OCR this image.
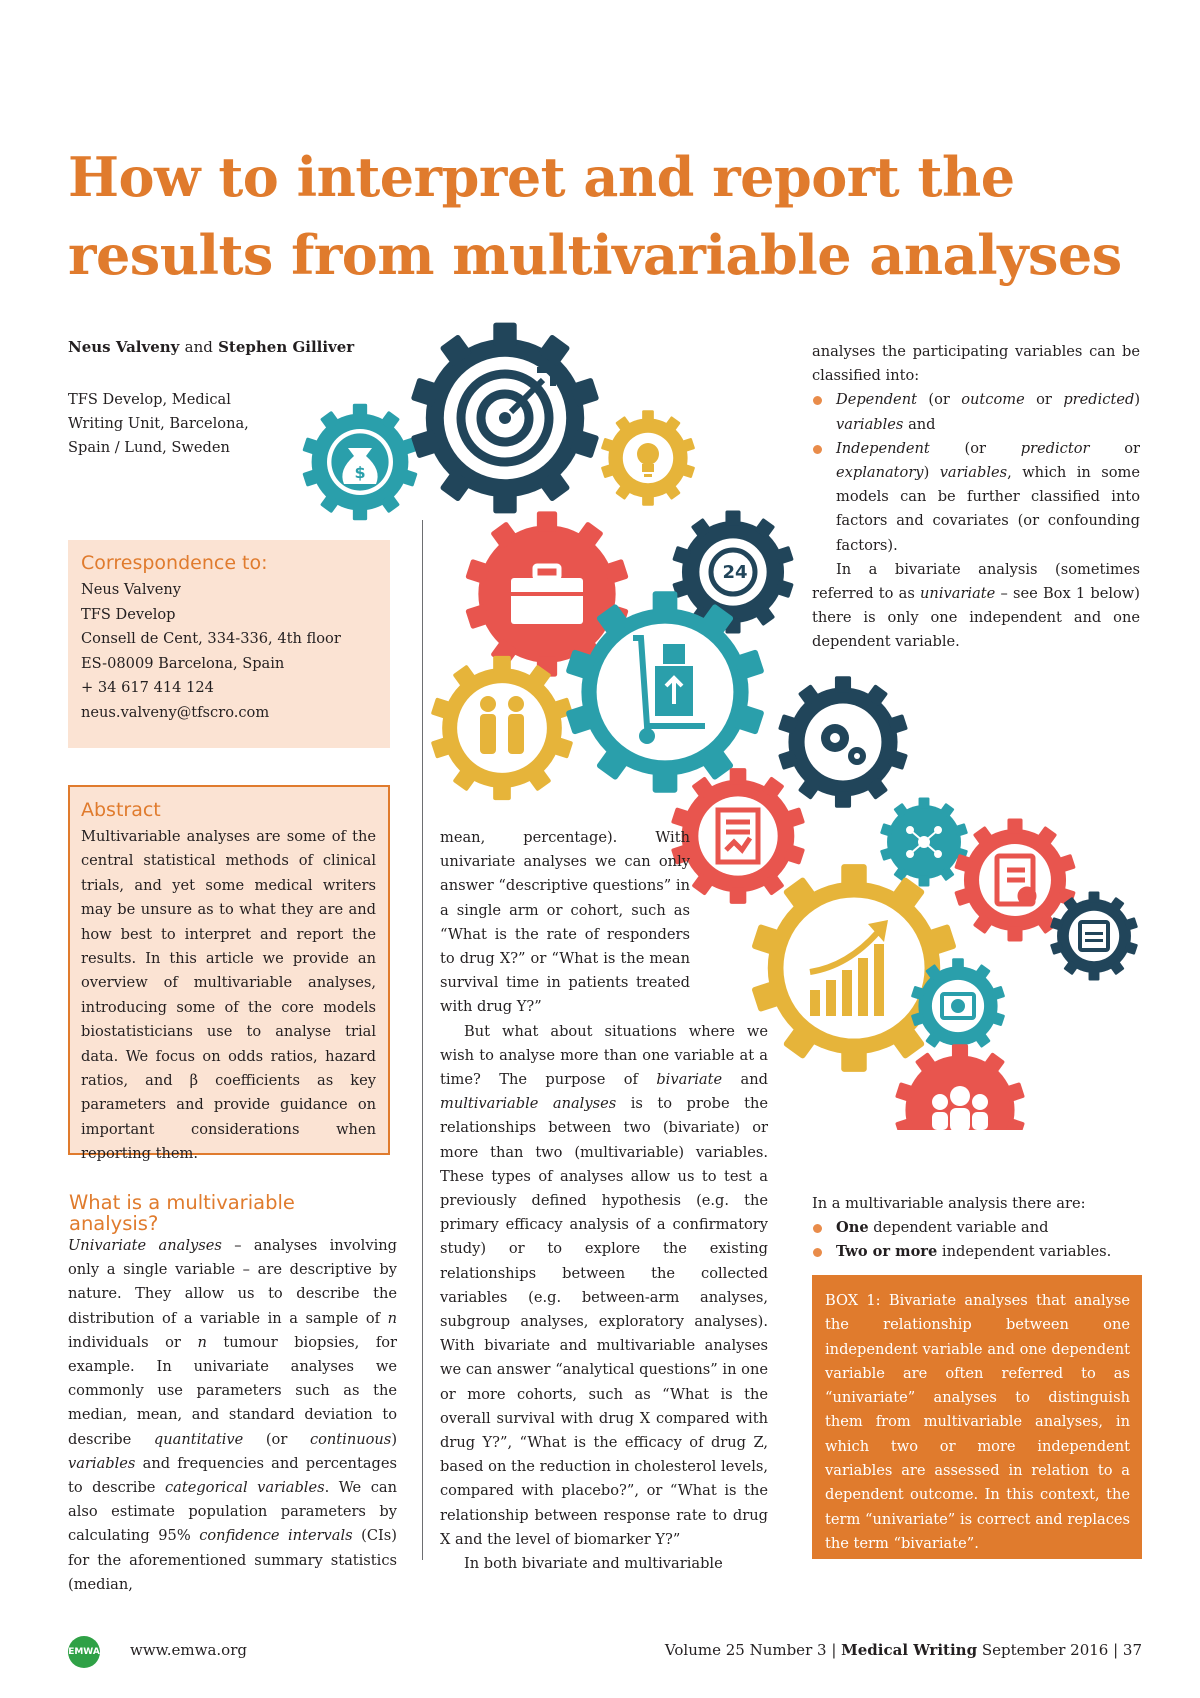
How to interpret and report the
results from multivariable analyses
Neus Valveny and Stephen Gilliver
TFS Develop, Medical
Writing Unit, Barcelona,
Spain / Lund, Sweden
Correspondence to:
Neus Valveny
TFS Develop
Consell de Cent, 334-336, 4th floor
ES-08009 Barcelona, Spain
+ 34 617 414 124
neus.valveny@tfscro.com
Abstract
Multivariable analyses are some of the central statistical methods of clinical trials, and yet some medical writers may be unsure as to what they are and how best to interpret and report the results. In this article we provide an overview of multivariable analyses, introducing some of the core models biostatisticians use to analyse trial data. We focus on odds ratios, hazard ratios, and β coefficients as key parameters and provide guidance on important considerations when reporting them.
What is a multivariable analysis?

Univariate analyses – analyses involving only a single variable – are descriptive by nature. They allow us to describe the distribution of a variable in a sample of n individuals or n tumour biopsies, for example. In univariate analyses we commonly use parameters such as the median, mean, and standard deviation to describe quantitative (or continuous) variables and frequencies and percentages to describe categorical variables. We can also estimate population parameters by calculating 95% confidence intervals (CIs) for the aforementioned summary statistics (median,

$
24

mean, percentage). With univariate analyses we can only answer “descriptive questions” in a single arm or cohort, such as “What is the rate of responders to drug X?” or “What is the mean survival time in patients treated with drug Y?”

But what about situations where we wish to analyse more than one variable at a time? The purpose of bivariate and multivariable analyses is to probe the relationships between two (bivariate) or more than two (multivariable) variables. These types of analyses allow us to test a previously defined hypothesis (e.g. the primary efficacy analysis of a confirmatory study) or to explore the existing relationships between the collected variables (e.g. between-arm analyses, subgroup analyses, exploratory analyses). With bivariate and multivariable analyses we can answer “analytical questions” in one or more cohorts, such as “What is the overall survival with drug X compared with drug Y?”, “What is the efficacy of drug Z, based on the reduction in cholesterol levels, compared with placebo?”, or “What is the relationship between response rate to drug X and the level of biomarker Y?”

In both bivariate and multivariable

analyses the participating variables can be classified into:

Dependent (or outcome or predicted) variables and
Independent (or predictor or explanatory) variables, which in some models can be further classified into factors and covariates (or confounding factors).

In a bivariate analysis (sometimes referred to as univariate – see Box 1 below) there is only one independent and one dependent variable.

In a multivariable analysis there are:
One dependent variable and
Two or more independent variables.
BOX 1: Bivariate analyses that analyse the relationship between one independent variable and one dependent variable are often referred to as “univariate” analyses to distinguish them from multivariable analyses, in which two or more independent variables are assessed in relation to a dependent outcome. In this context, the term “univariate” is correct and replaces the term “bivariate”.
EMWA www.emwa.org	Volume 25 Number 3 | Medical Writing September 2016 | 37
